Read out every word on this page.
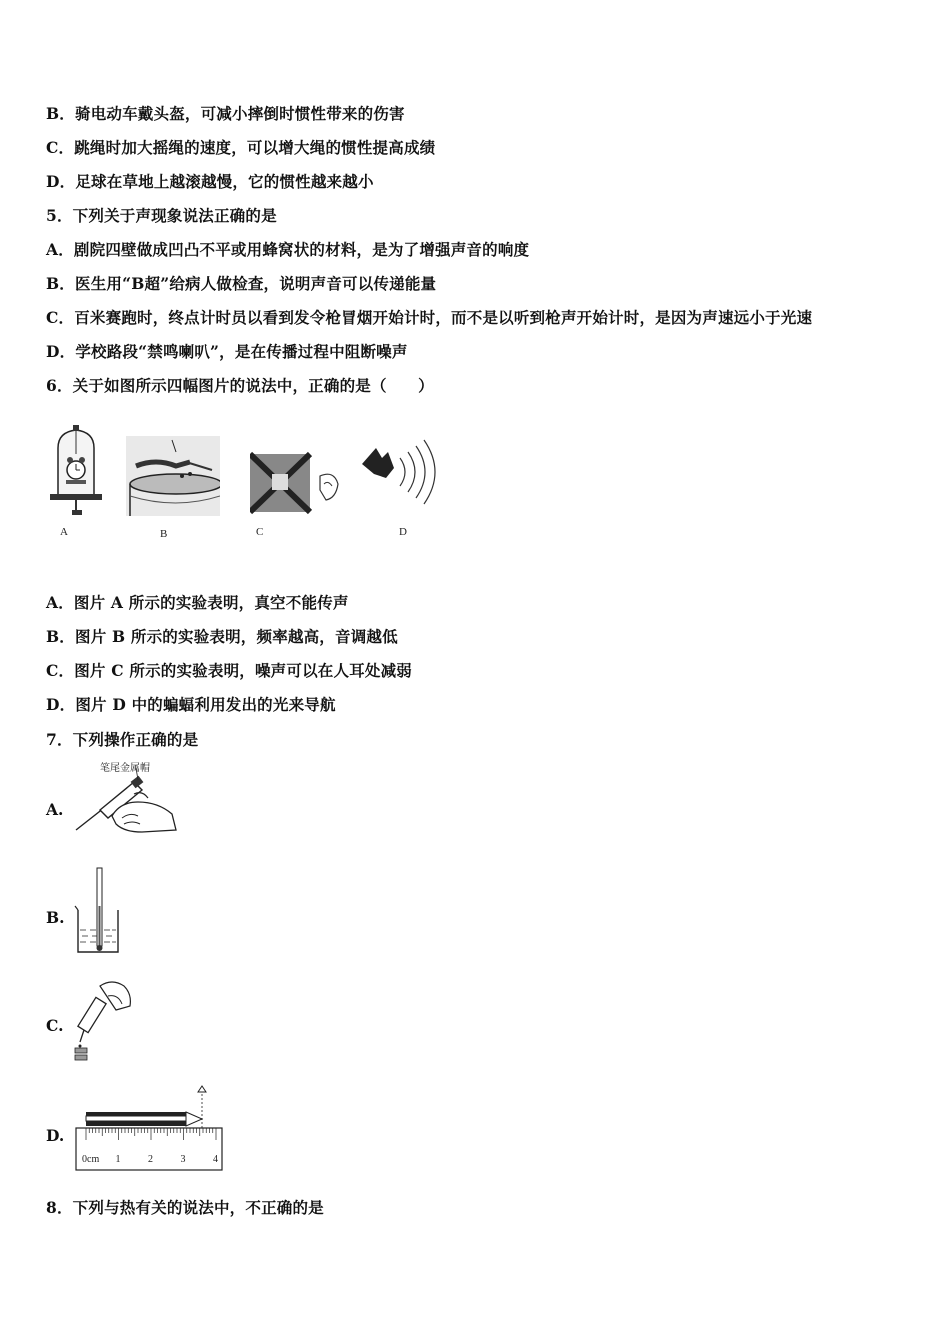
B．骑电动车戴头盔，可减小摔倒时惯性带来的伤害
C．跳绳时加大摇绳的速度，可以增大绳的惯性提高成绩
D．足球在草地上越滚越慢，它的惯性越来越小
5．下列关于声现象说法正确的是
A．剧院四壁做成凹凸不平或用蜂窝状的材料，是为了增强声音的响度
B．医生用“B超”给病人做检查，说明声音可以传递能量
C．百米赛跑时，终点计时员以看到发令枪冒烟开始计时，而不是以听到枪声开始计时，是因为声速远小于光速
D．学校路段“禁鸣喇叭”，是在传播过程中阻断噪声
6．关于如图所示四幅图片的说法中，正确的是（　　）
A	B	C	D
A．图片 A 所示的实验表明，真空不能传声
B．图片 B 所示的实验表明，频率越高，音调越低
C．图片 C 所示的实验表明，噪声可以在人耳处减弱
D．图片 D 中的蝙蝠利用发出的光来导航
7．下列操作正确的是
A.
笔尾金属帽
B.
C.
D.
0cm 1	2	3	4
8．下列与热有关的说法中，不正确的是
